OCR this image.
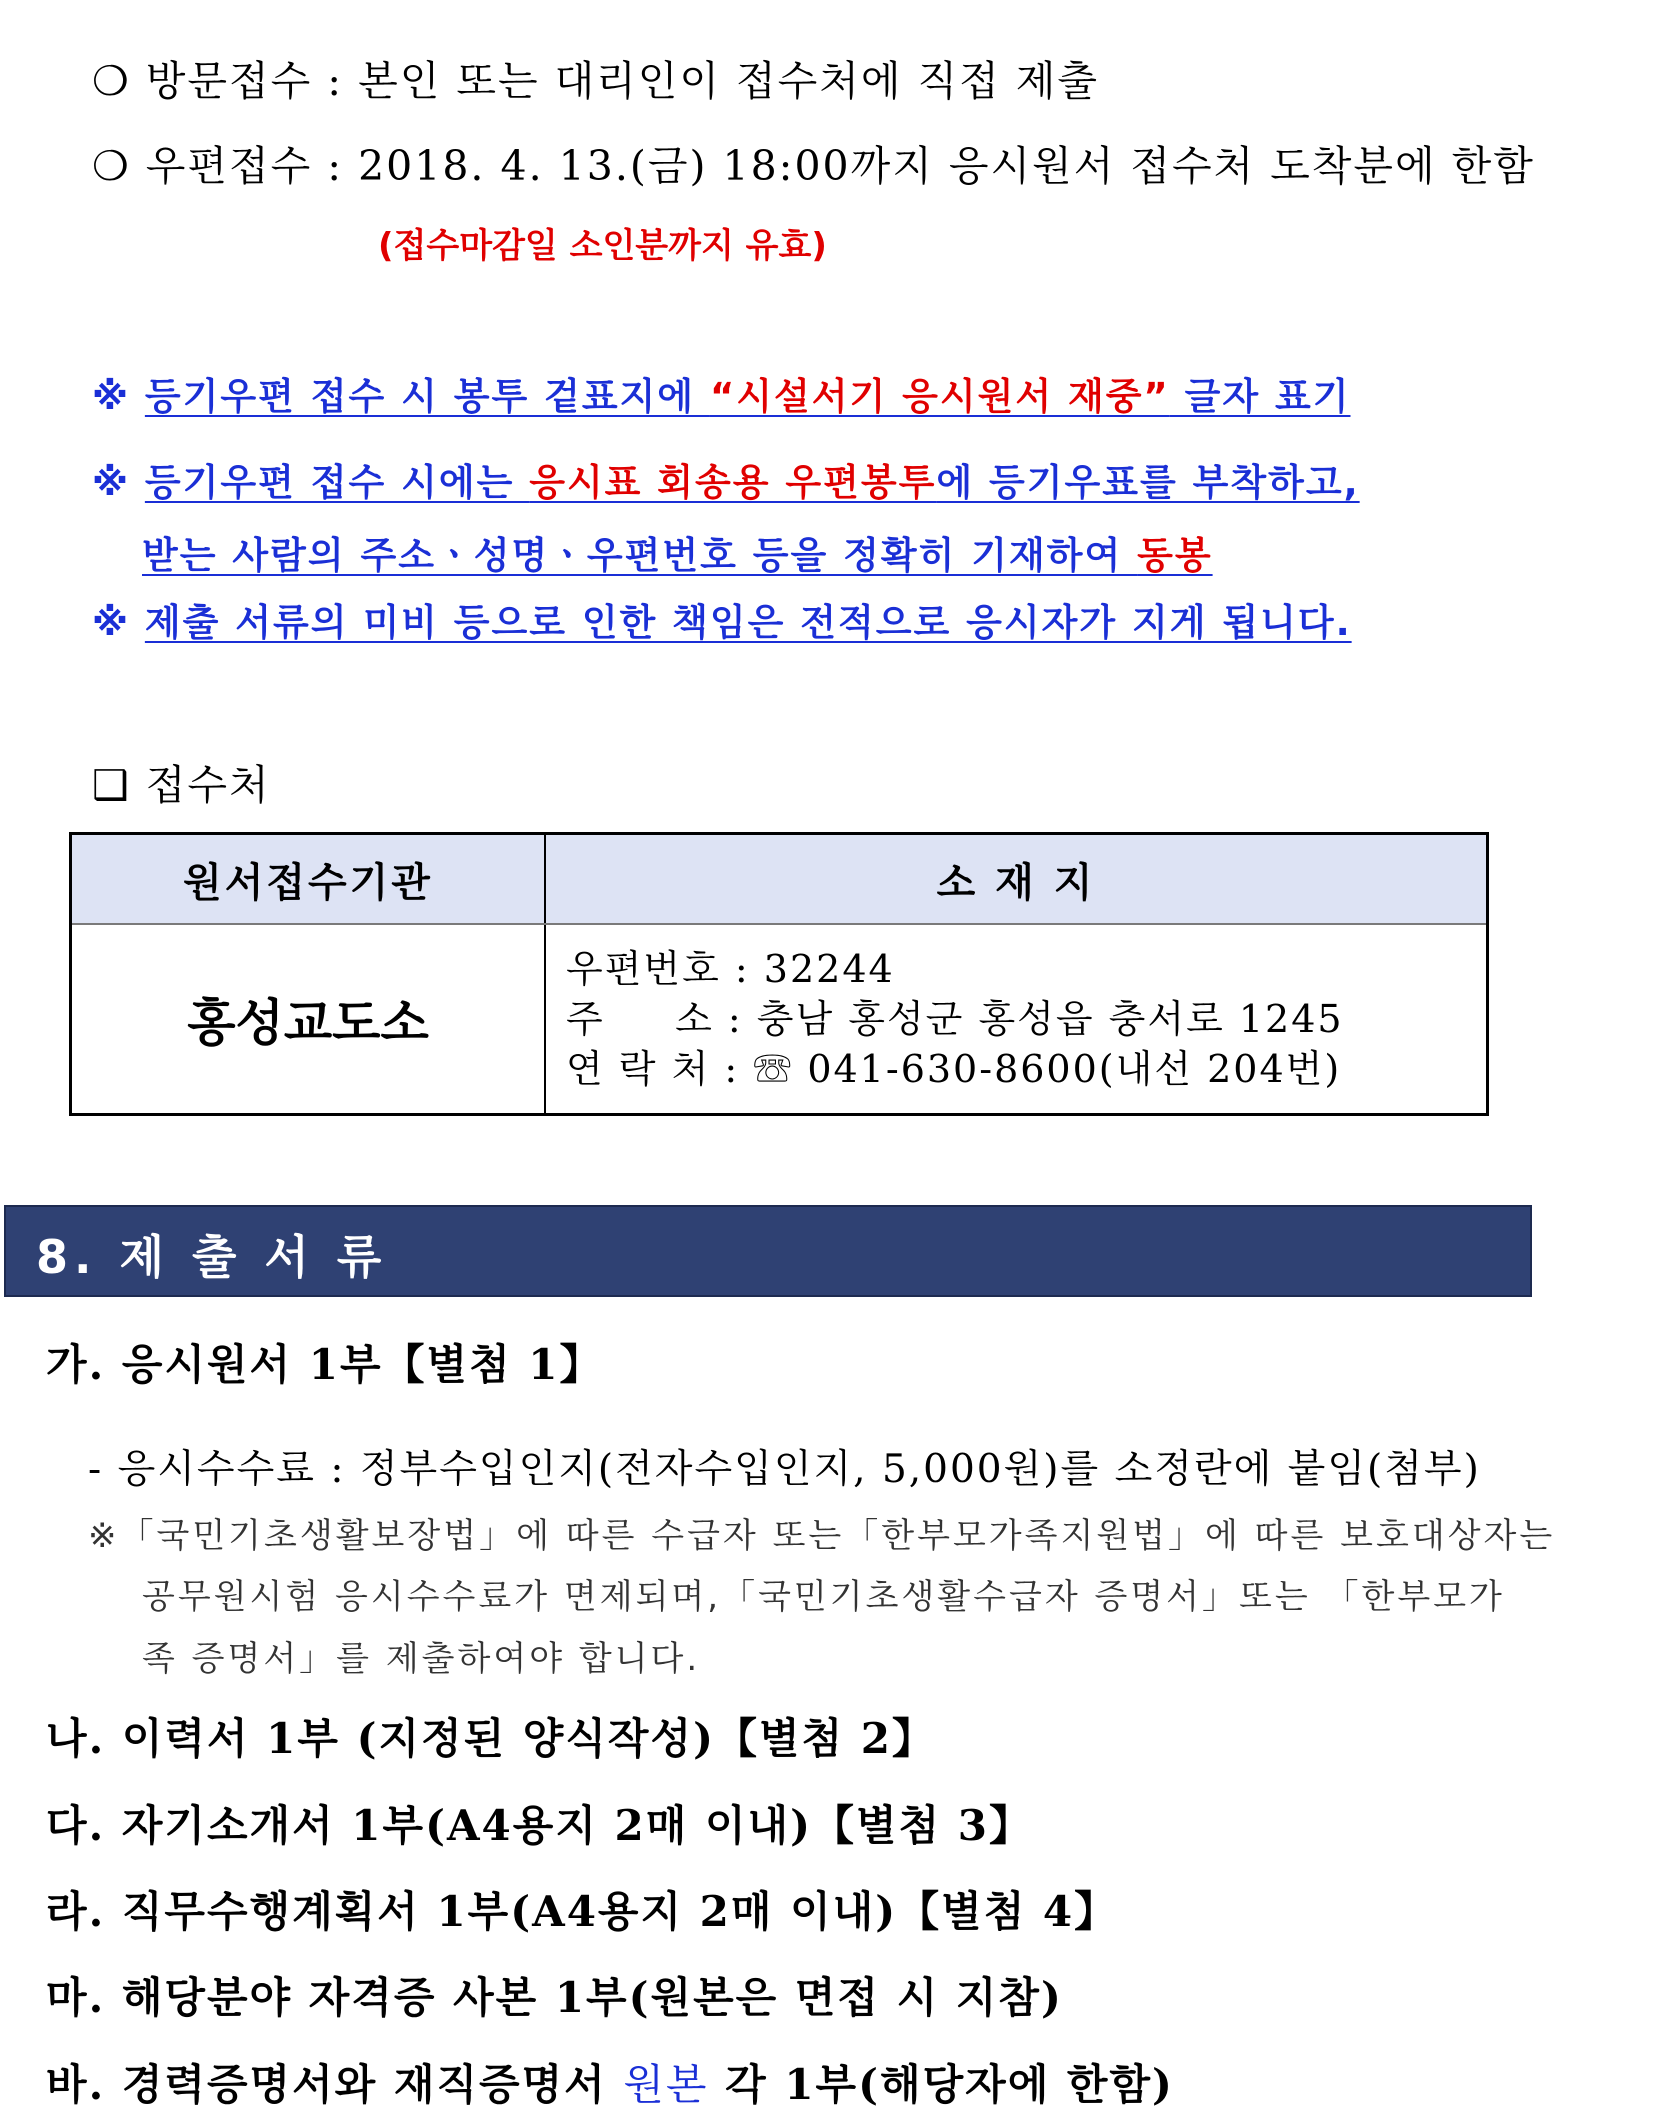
❍ 방문접수 : 본인 또는 대리인이 접수처에 직접 제출
❍ 우편접수 : 2018. 4. 13.(금) 18:00까지 응시원서 접수처 도착분에 한함
(접수마감일 소인분까지 유효)
※ 등기우편 접수 시 봉투 겉표지에 “시설서기 응시원서 재중” 글자 표기
※ 등기우편 접수 시에는 응시표 회송용 우편봉투에 등기우표를 부착하고,
받는 사람의 주소ㆍ성명ㆍ우편번호 등을 정확히 기재하여 동봉
※ 제출 서류의 미비 등으로 인한 책임은 전적으로 응시자가 지게 됩니다.
❑ 접수처
원서접수기관	소 재 지
홍성교도소	우편번호 : 32244
주     소 : 충남 홍성군 홍성읍 충서로 1245
연 락 처 : ☏ 041-630-8600(내선 204번)
8. 제 출 서 류
가. 응시원서 1부【별첨 1】
- 응시수수료 : 정부수입인지(전자수입인지, 5,000원)를 소정란에 붙임(첨부)
※「국민기초생활보장법」에 따른 수급자 또는「한부모가족지원법」에 따른 보호대상자는
공무원시험 응시수수료가 면제되며,「국민기초생활수급자 증명서」또는 「한부모가
족 증명서」를 제출하여야 합니다.
나. 이력서 1부 (지정된 양식작성)【별첨 2】
다. 자기소개서 1부(A4용지 2매 이내)【별첨 3】
라. 직무수행계획서 1부(A4용지 2매 이내)【별첨 4】
마. 해당분야 자격증 사본 1부(원본은 면접 시 지참)
바. 경력증명서와 재직증명서 원본 각 1부(해당자에 한함)
